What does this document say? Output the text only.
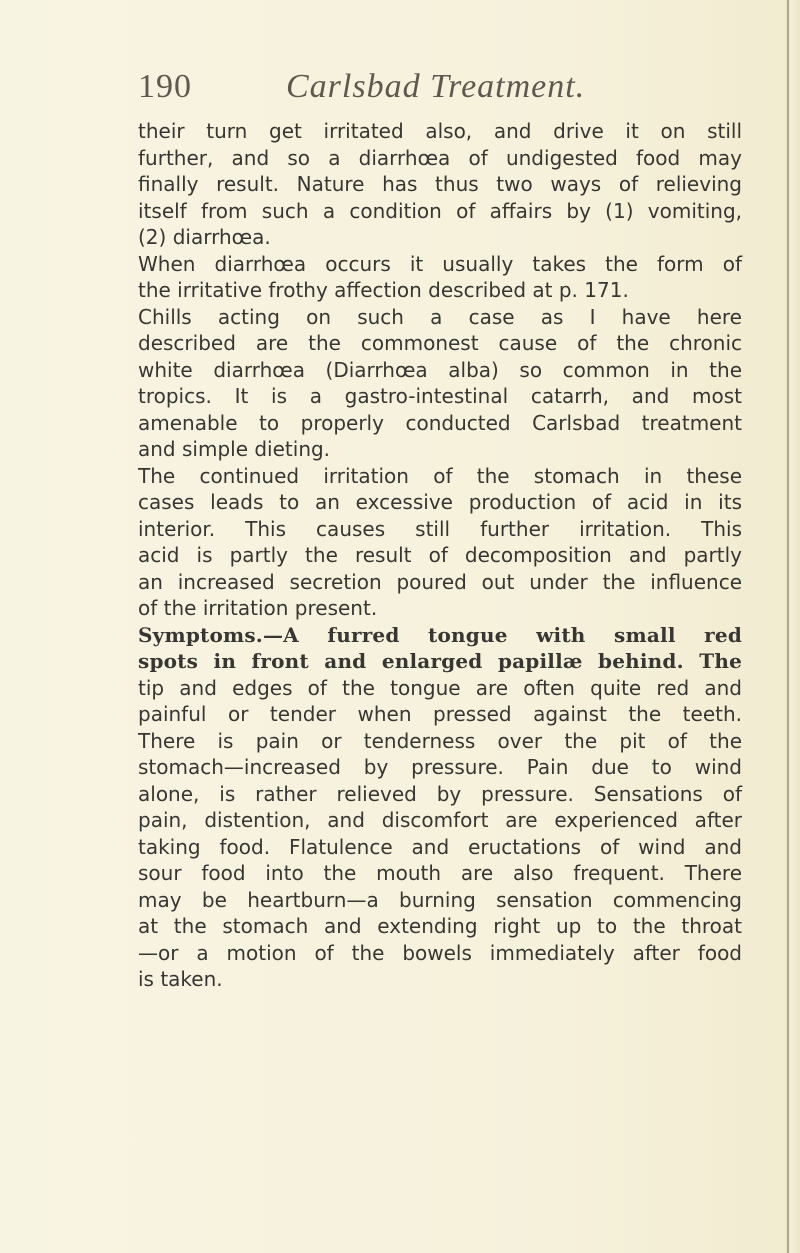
190	Carlsbad Treatment.
their turn get irritated also, and drive it on still
further, and so a diarrhœa of undigested food may
finally result. Nature has thus two ways of relieving
itself from such a condition of affairs by (1) vomiting,
(2) diarrhœa.
When diarrhœa occurs it usually takes the form of
the irritative frothy affection described at p. 171.
Chills acting on such a case as I have here
described are the commonest cause of the chronic
white diarrhœa (Diarrhœa alba) so common in the
tropics. It is a gastro-intestinal catarrh, and most
amenable to properly conducted Carlsbad treatment
and simple dieting.
The continued irritation of the stomach in these
cases leads to an excessive production of acid in its
interior. This causes still further irritation. This
acid is partly the result of decomposition and partly
an increased secretion poured out under the influence
of the irritation present.
Symptoms.—A furred tongue with small red
spots in front and enlarged papillæ behind. The
tip and edges of the tongue are often quite red and
painful or tender when pressed against the teeth.
There is pain or tenderness over the pit of the
stomach—increased by pressure. Pain due to wind
alone, is rather relieved by pressure. Sensations of
pain, distention, and discomfort are experienced after
taking food. Flatulence and eructations of wind and
sour food into the mouth are also frequent. There
may be heartburn—a burning sensation commencing
at the stomach and extending right up to the throat
—or a motion of the bowels immediately after food
is taken.
